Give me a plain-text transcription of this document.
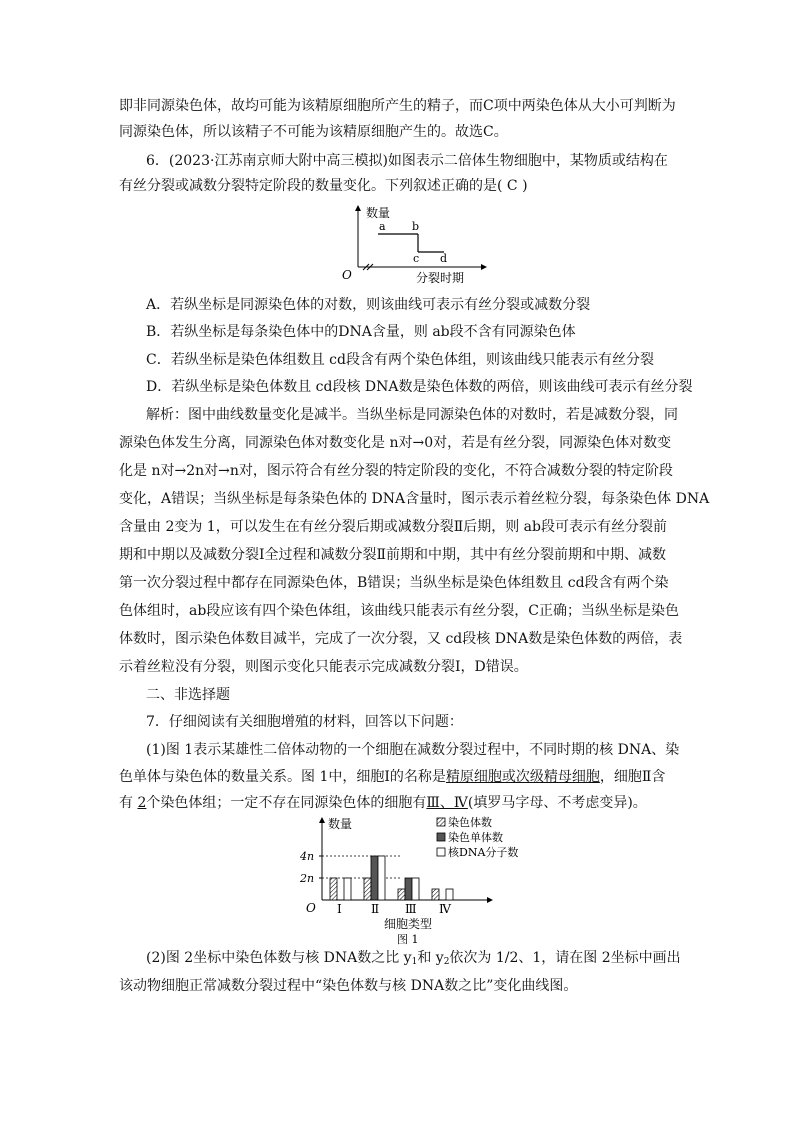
即非同源染色体，故均可能为该精原细胞所产生的精子，而C项中两染色体从大小可判断为
同源染色体，所以该精子不可能为该精原细胞产生的。故选C。
6．(2023·江苏南京师大附中高三模拟)如图表示二倍体生物细胞中，某物质或结构在
有丝分裂或减数分裂特定阶段的数量变化。下列叙述正确的是( C )
数量
O	分裂时期
a b
c d
A．若纵坐标是同源染色体的对数，则该曲线可表示有丝分裂或减数分裂
B．若纵坐标是每条染色体中的DNA含量，则 ab段不含有同源染色体
C．若纵坐标是染色体组数且 cd段含有两个染色体组，则该曲线只能表示有丝分裂
D．若纵坐标是染色体数且 cd段核 DNA数是染色体数的两倍，则该曲线可表示有丝分裂
解析：图中曲线数量变化是减半。当纵坐标是同源染色体的对数时，若是减数分裂，同
源染色体发生分离，同源染色体对数变化是 n对→0对，若是有丝分裂，同源染色体对数变
化是 n对→2n对→n对，图示符合有丝分裂的特定阶段的变化，不符合减数分裂的特定阶段
变化，A错误；当纵坐标是每条染色体的 DNA含量时，图示表示着丝粒分裂，每条染色体 DNA
含量由 2变为 1，可以发生在有丝分裂后期或减数分裂Ⅱ后期，则 ab段可表示有丝分裂前
期和中期以及减数分裂Ⅰ全过程和减数分裂Ⅱ前期和中期，其中有丝分裂前期和中期、减数
第一次分裂过程中都存在同源染色体，B错误；当纵坐标是染色体组数且 cd段含有两个染
色体组时，ab段应该有四个染色体组，该曲线只能表示有丝分裂，C正确；当纵坐标是染色
体数时，图示染色体数目减半，完成了一次分裂，又 cd段核 DNA数是染色体数的两倍，表
示着丝粒没有分裂，则图示变化只能表示完成减数分裂Ⅰ，D错误。
二、非选择题
7．仔细阅读有关细胞增殖的材料，回答以下问题：
(1)图 1表示某雄性二倍体动物的一个细胞在减数分裂过程中，不同时期的核 DNA、染
色单体与染色体的数量关系。图 1中，细胞Ⅰ的名称是精原细胞或次级精母细胞，细胞Ⅱ含
有 2个染色体组；一定不存在同源染色体的细胞有Ⅲ、Ⅳ(填罗马字母、不考虑变异)。
数量
O
2n
4n
Ⅰ Ⅱ Ⅲ Ⅳ
染色体数
染色单体数
核DNA分子数
细胞类型
图 1
(2)图 2坐标中染色体数与核 DNA数之比 $y_1$和 $y_2$依次为 1/2、1，请在图 2坐标中画出
该动物细胞正常减数分裂过程中“染色体数与核 DNA数之比”变化曲线图。
